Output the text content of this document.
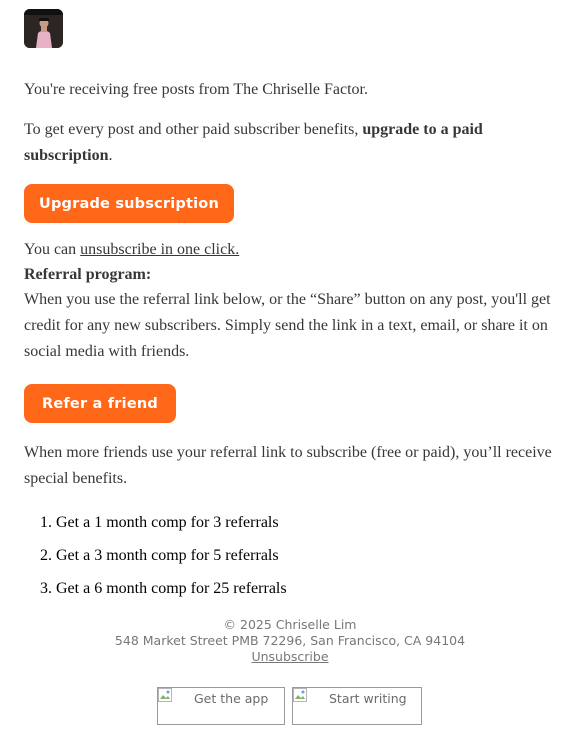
You're receiving free posts from The Chriselle Factor.

To get every post and other paid subscriber benefits, upgrade to a paid subscription.

Upgrade subscription

You can unsubscribe in one click.

Referral program:

When you use the referral link below, or the “Share” button on any post, you'll get credit for any new subscribers. Simply send the link in a text, email, or share it on social media with friends.

Refer a friend

When more friends use your referral link to subscribe (free or paid), you’ll receive special benefits.

1. Get a 1 month comp for 3 referrals
2. Get a 3 month comp for 5 referrals
3. Get a 6 month comp for 25 referrals
© 2025 Chriselle Lim
548 Market Street PMB 72296, San Francisco, CA 94104
Unsubscribe
Get the app	Start writing
